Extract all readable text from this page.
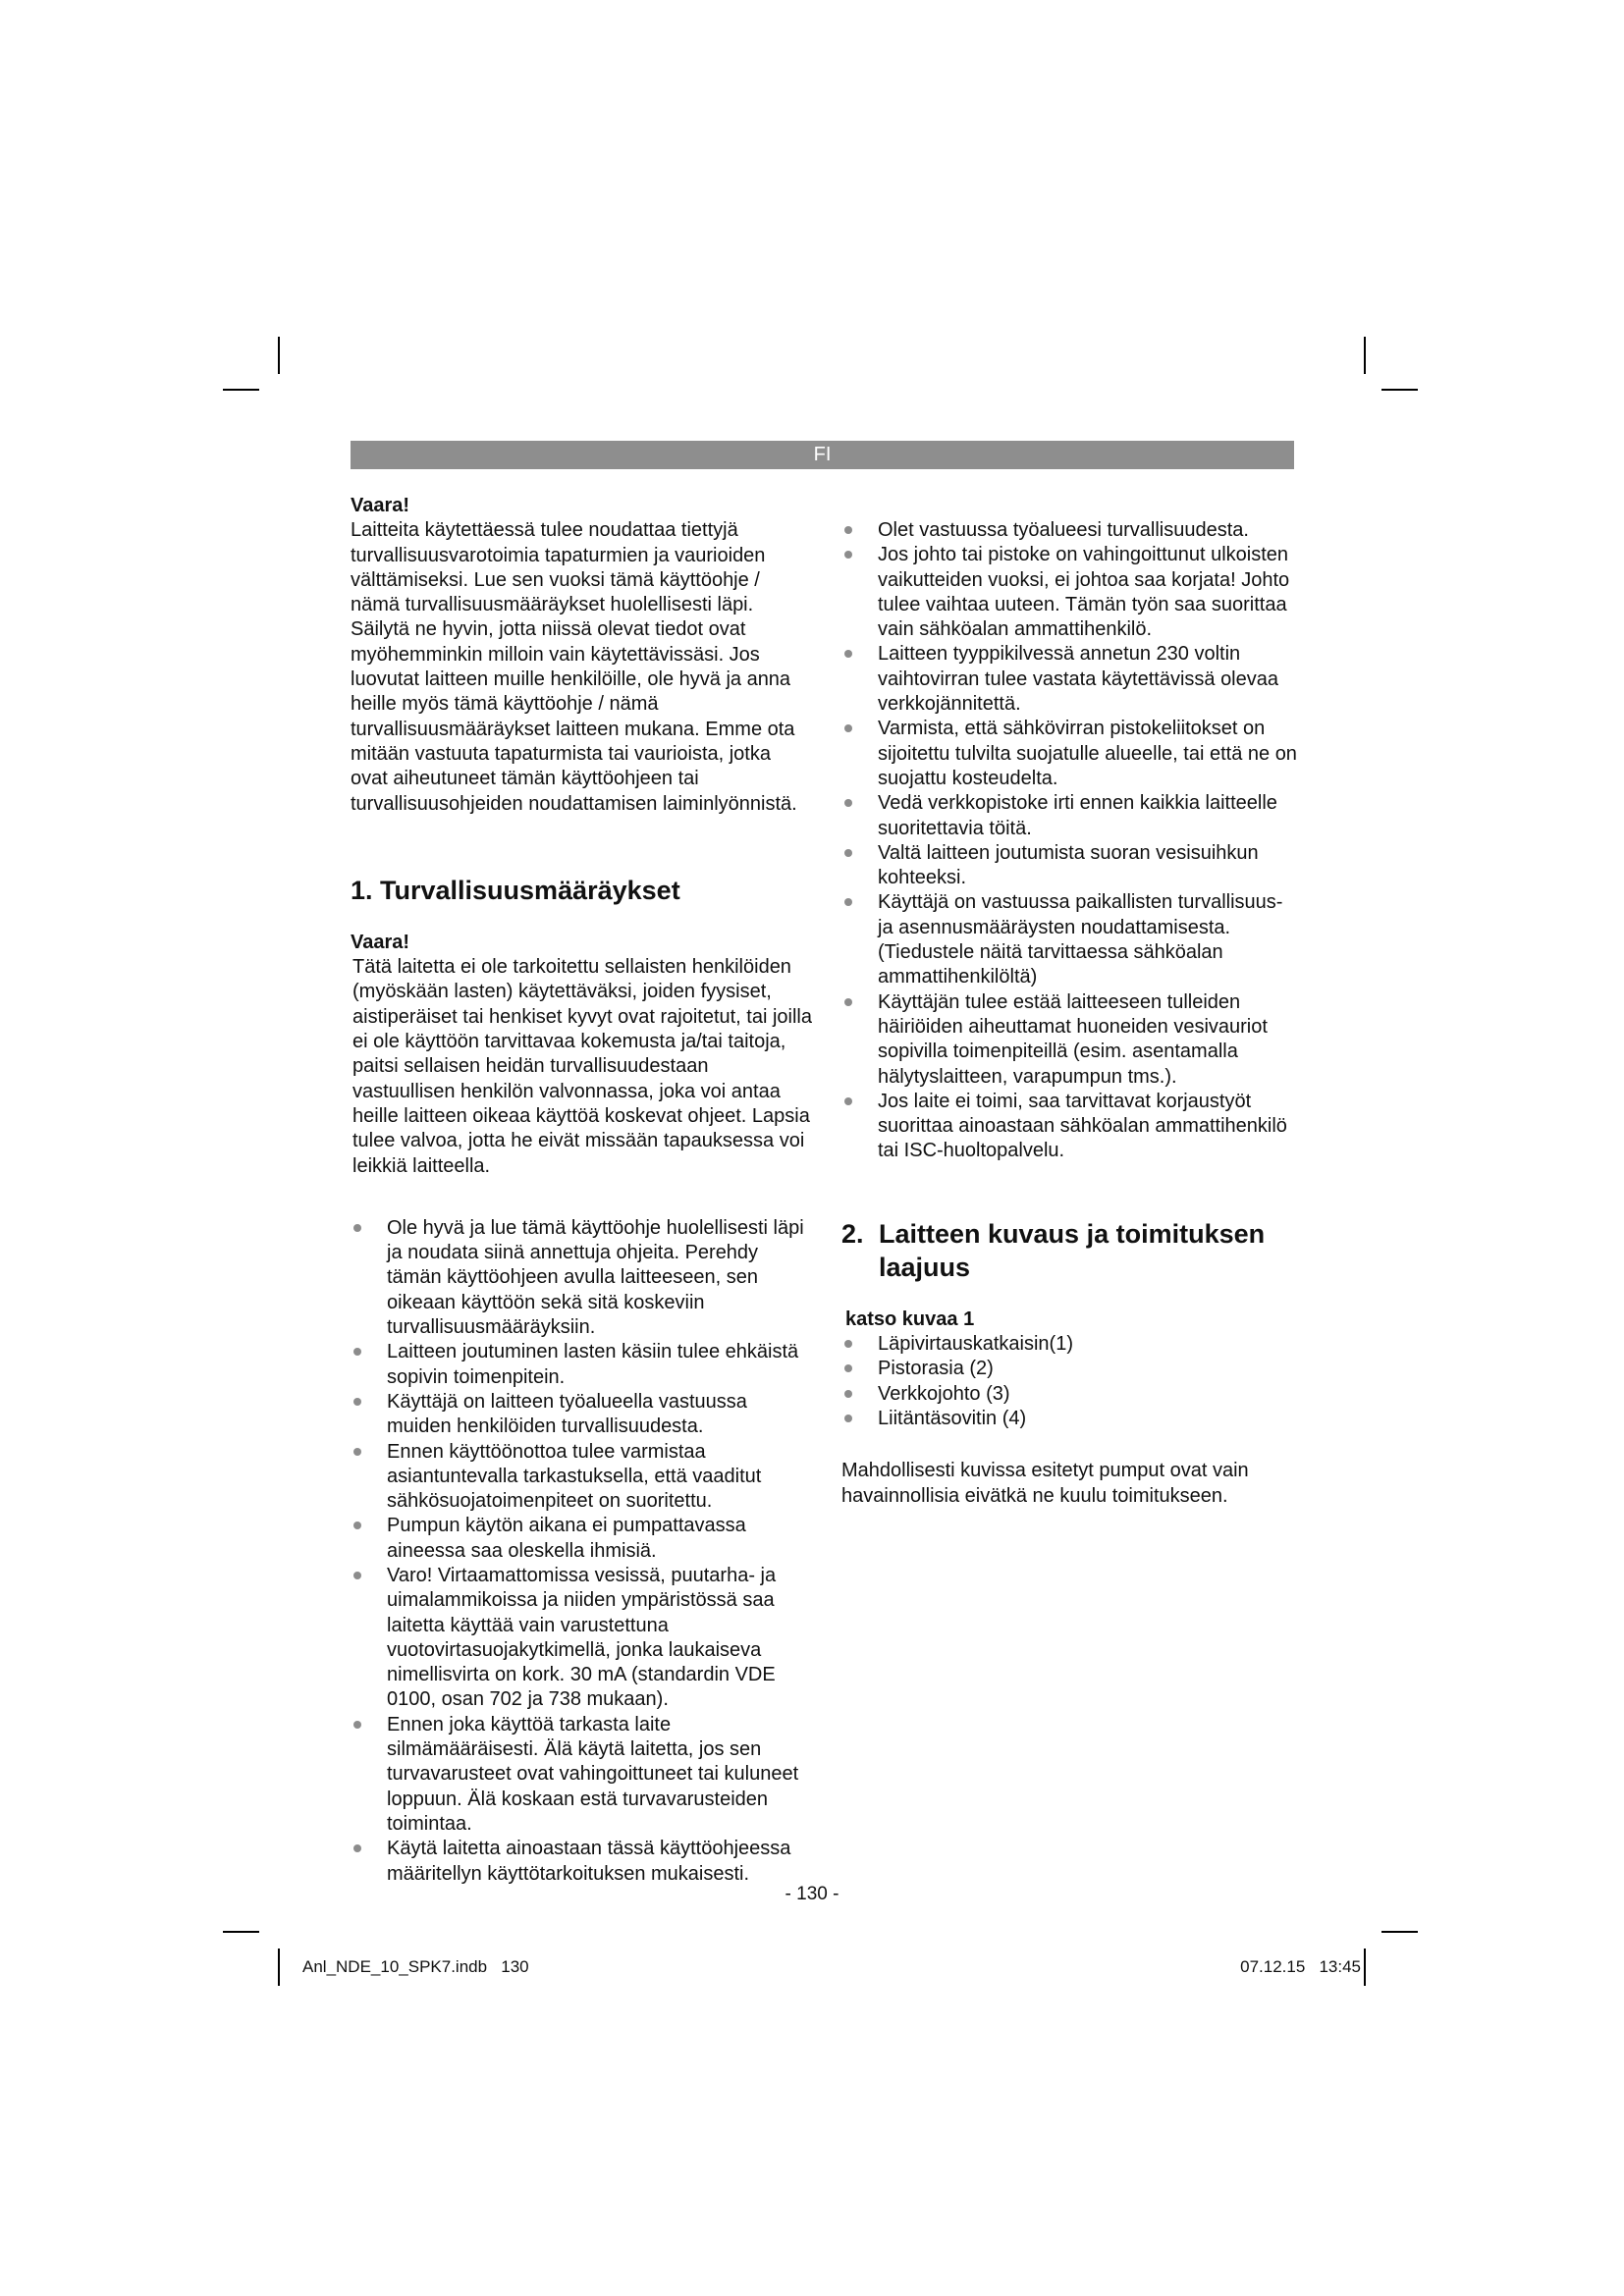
FI

Vaara!

Laitteita käytettäessä tulee noudattaa tiettyjä turvallisuusvarotoimia tapaturmien ja vaurioiden välttämiseksi. Lue sen vuoksi tämä käyttöohje / nämä turvallisuusmääräykset huolellisesti läpi. Säilytä ne hyvin, jotta niissä olevat tiedot ovat myöhemminkin milloin vain käytettävissäsi. Jos luovutat laitteen muille henkilöille, ole hyvä ja anna heille myös tämä käyttöohje / nämä turvallisuusmääräykset laitteen mukana. Emme ota mitään vastuuta tapaturmista tai vaurioista, jotka ovat aiheutuneet tämän käyttöohjeen tai turvallisuusohjeiden noudattamisen laiminlyönnistä.

1. Turvallisuusmääräykset

Vaara!

Tätä laitetta ei ole tarkoitettu sellaisten henkilöiden (myöskään lasten) käytettäväksi, joiden fyysiset, aistiperäiset tai henkiset kyvyt ovat rajoitetut, tai joilla ei ole käyttöön tarvittavaa kokemusta ja/tai taitoja, paitsi sellaisen heidän turvallisuudestaan vastuullisen henkilön valvonnassa, joka voi antaa heille laitteen oikeaa käyttöä koskevat ohjeet. Lapsia tulee valvoa, jotta he eivät missään tapauksessa voi leikkiä laitteella.

Ole hyvä ja lue tämä käyttöohje huolellisesti läpi ja noudata siinä annettuja ohjeita. Perehdy tämän käyttöohjeen avulla laitteeseen, sen oikeaan käyttöön sekä sitä koskeviin turvallisuusmääräyksiin.
Laitteen joutuminen lasten käsiin tulee ehkäistä sopivin toimenpitein.
Käyttäjä on laitteen työalueella vastuussa muiden henkilöiden turvallisuudesta.
Ennen käyttöönottoa tulee varmistaa asiantuntevalla tarkastuksella, että vaaditut sähkösuojatoimenpiteet on suoritettu.
Pumpun käytön aikana ei pumpattavassa aineessa saa oleskella ihmisiä.
Varo! Virtaamattomissa vesissä, puutarha- ja uimalammikoissa ja niiden ympäristössä saa laitetta käyttää vain varustettuna vuotovirtasuojakytkimellä, jonka laukaiseva nimellisvirta on kork. 30 mA (standardin VDE 0100, osan 702 ja 738 mukaan).
Ennen joka käyttöä tarkasta laite silmämääräisesti. Älä käytä laitetta, jos sen turvavarusteet ovat vahingoittuneet tai kuluneet loppuun. Älä koskaan estä turvavarusteiden toimintaa.
Käytä laitetta ainoastaan tässä käyttöohjeessa määritellyn käyttötarkoituksen mukaisesti.
Olet vastuussa työalueesi turvallisuudesta.
Jos johto tai pistoke on vahingoittunut ulkoisten vaikutteiden vuoksi, ei johtoa saa korjata! Johto tulee vaihtaa uuteen. Tämän työn saa suorittaa vain sähköalan ammattihenkilö.
Laitteen tyyppikilvessä annetun 230 voltin vaihtovirran tulee vastata käytettävissä olevaa verkkojännitettä.
Varmista, että sähkövirran pistokeliitokset on sijoitettu tulvilta suojatulle alueelle, tai että ne on suojattu kosteudelta.
Vedä verkkopistoke irti ennen kaikkia laitteelle suoritettavia töitä.
Valtä laitteen joutumista suoran vesisuihkun kohteeksi.
Käyttäjä on vastuussa paikallisten turvallisuus- ja asennusmääräysten noudattamisesta. (Tiedustele näitä tarvittaessa sähköalan ammattihenkilöltä)
Käyttäjän tulee estää laitteeseen tulleiden häiriöiden aiheuttamat huoneiden vesivauriot sopivilla toimenpiteillä (esim. asentamalla hälytyslaitteen, varapumpun tms.).
Jos laite ei toimi, saa tarvittavat korjaustyöt suorittaa ainoastaan sähköalan ammattihenkilö tai ISC-huoltopalvelu.
2. Laitteen kuvaus ja toimituksen
laajuus

katso kuvaa 1

Läpivirtauskatkaisin(1)
Pistorasia (2)
Verkkojohto (3)
Liitäntäsovitin (4)

Mahdollisesti kuvissa esitetyt pumput ovat vain havainnollisia eivätkä ne kuulu toimitukseen.

- 130 -
Anl_NDE_10_SPK7.indb   130	07.12.15   13:45
